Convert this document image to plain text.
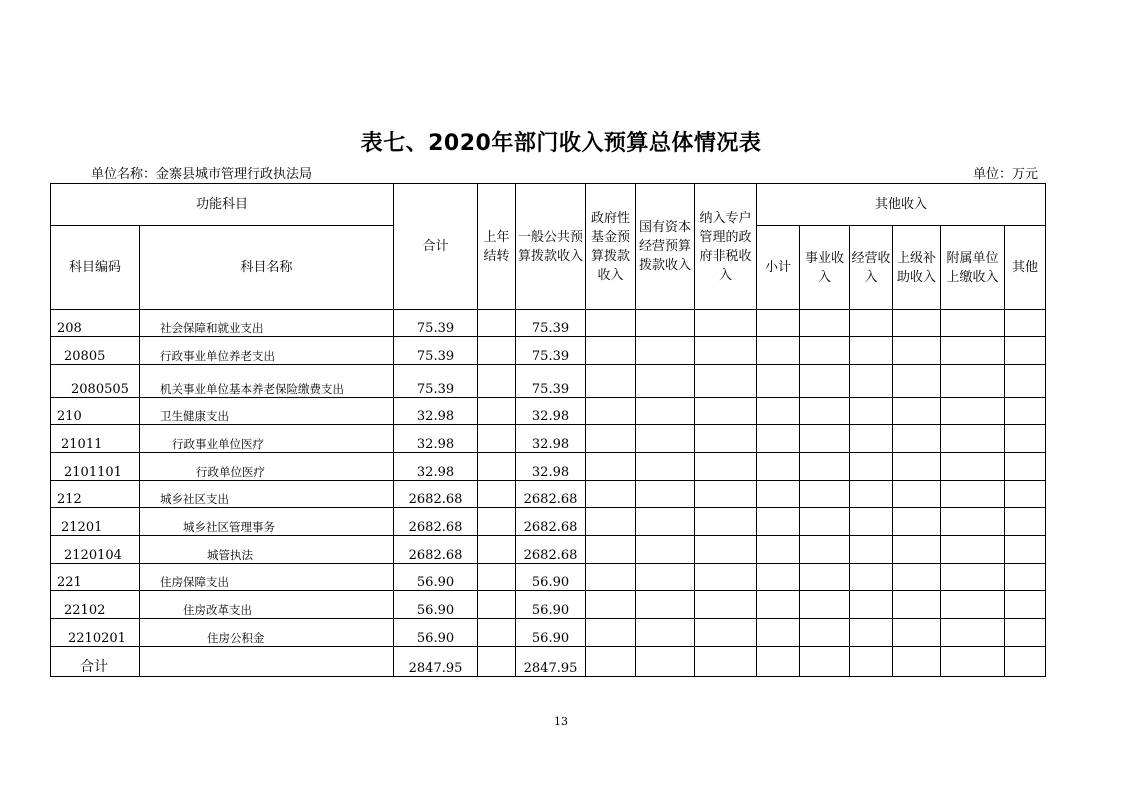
表七、2020年部门收入预算总体情况表
单位名称：金寨县城市管理行政执法局	单位：万元
功能科目		合计	上年结转	一般公共预算拨款收入	政府性基金预算拨款收入	国有资本经营预算拨款收入	纳入专户管理的政府非税收入	其他收入					
科目编码	科目名称							小计	事业收入	经营收入	上级补助收入	附属单位上缴收入	其他
208	社会保障和就业支出	75.39		75.39									
20805	行政事业单位养老支出	75.39		75.39									
2080505	机关事业单位基本养老保险缴费支出	75.39		75.39									
210	卫生健康支出	32.98		32.98									
21011	行政事业单位医疗	32.98		32.98									
2101101	行政单位医疗	32.98		32.98									
212	城乡社区支出	2682.68		2682.68									
21201	城乡社区管理事务	2682.68		2682.68									
2120104	城管执法	2682.68		2682.68									
221	住房保障支出	56.90		56.90									
22102	住房改革支出	56.90		56.90									
2210201	住房公积金	56.90		56.90									
合计		2847.95		2847.95									
13
